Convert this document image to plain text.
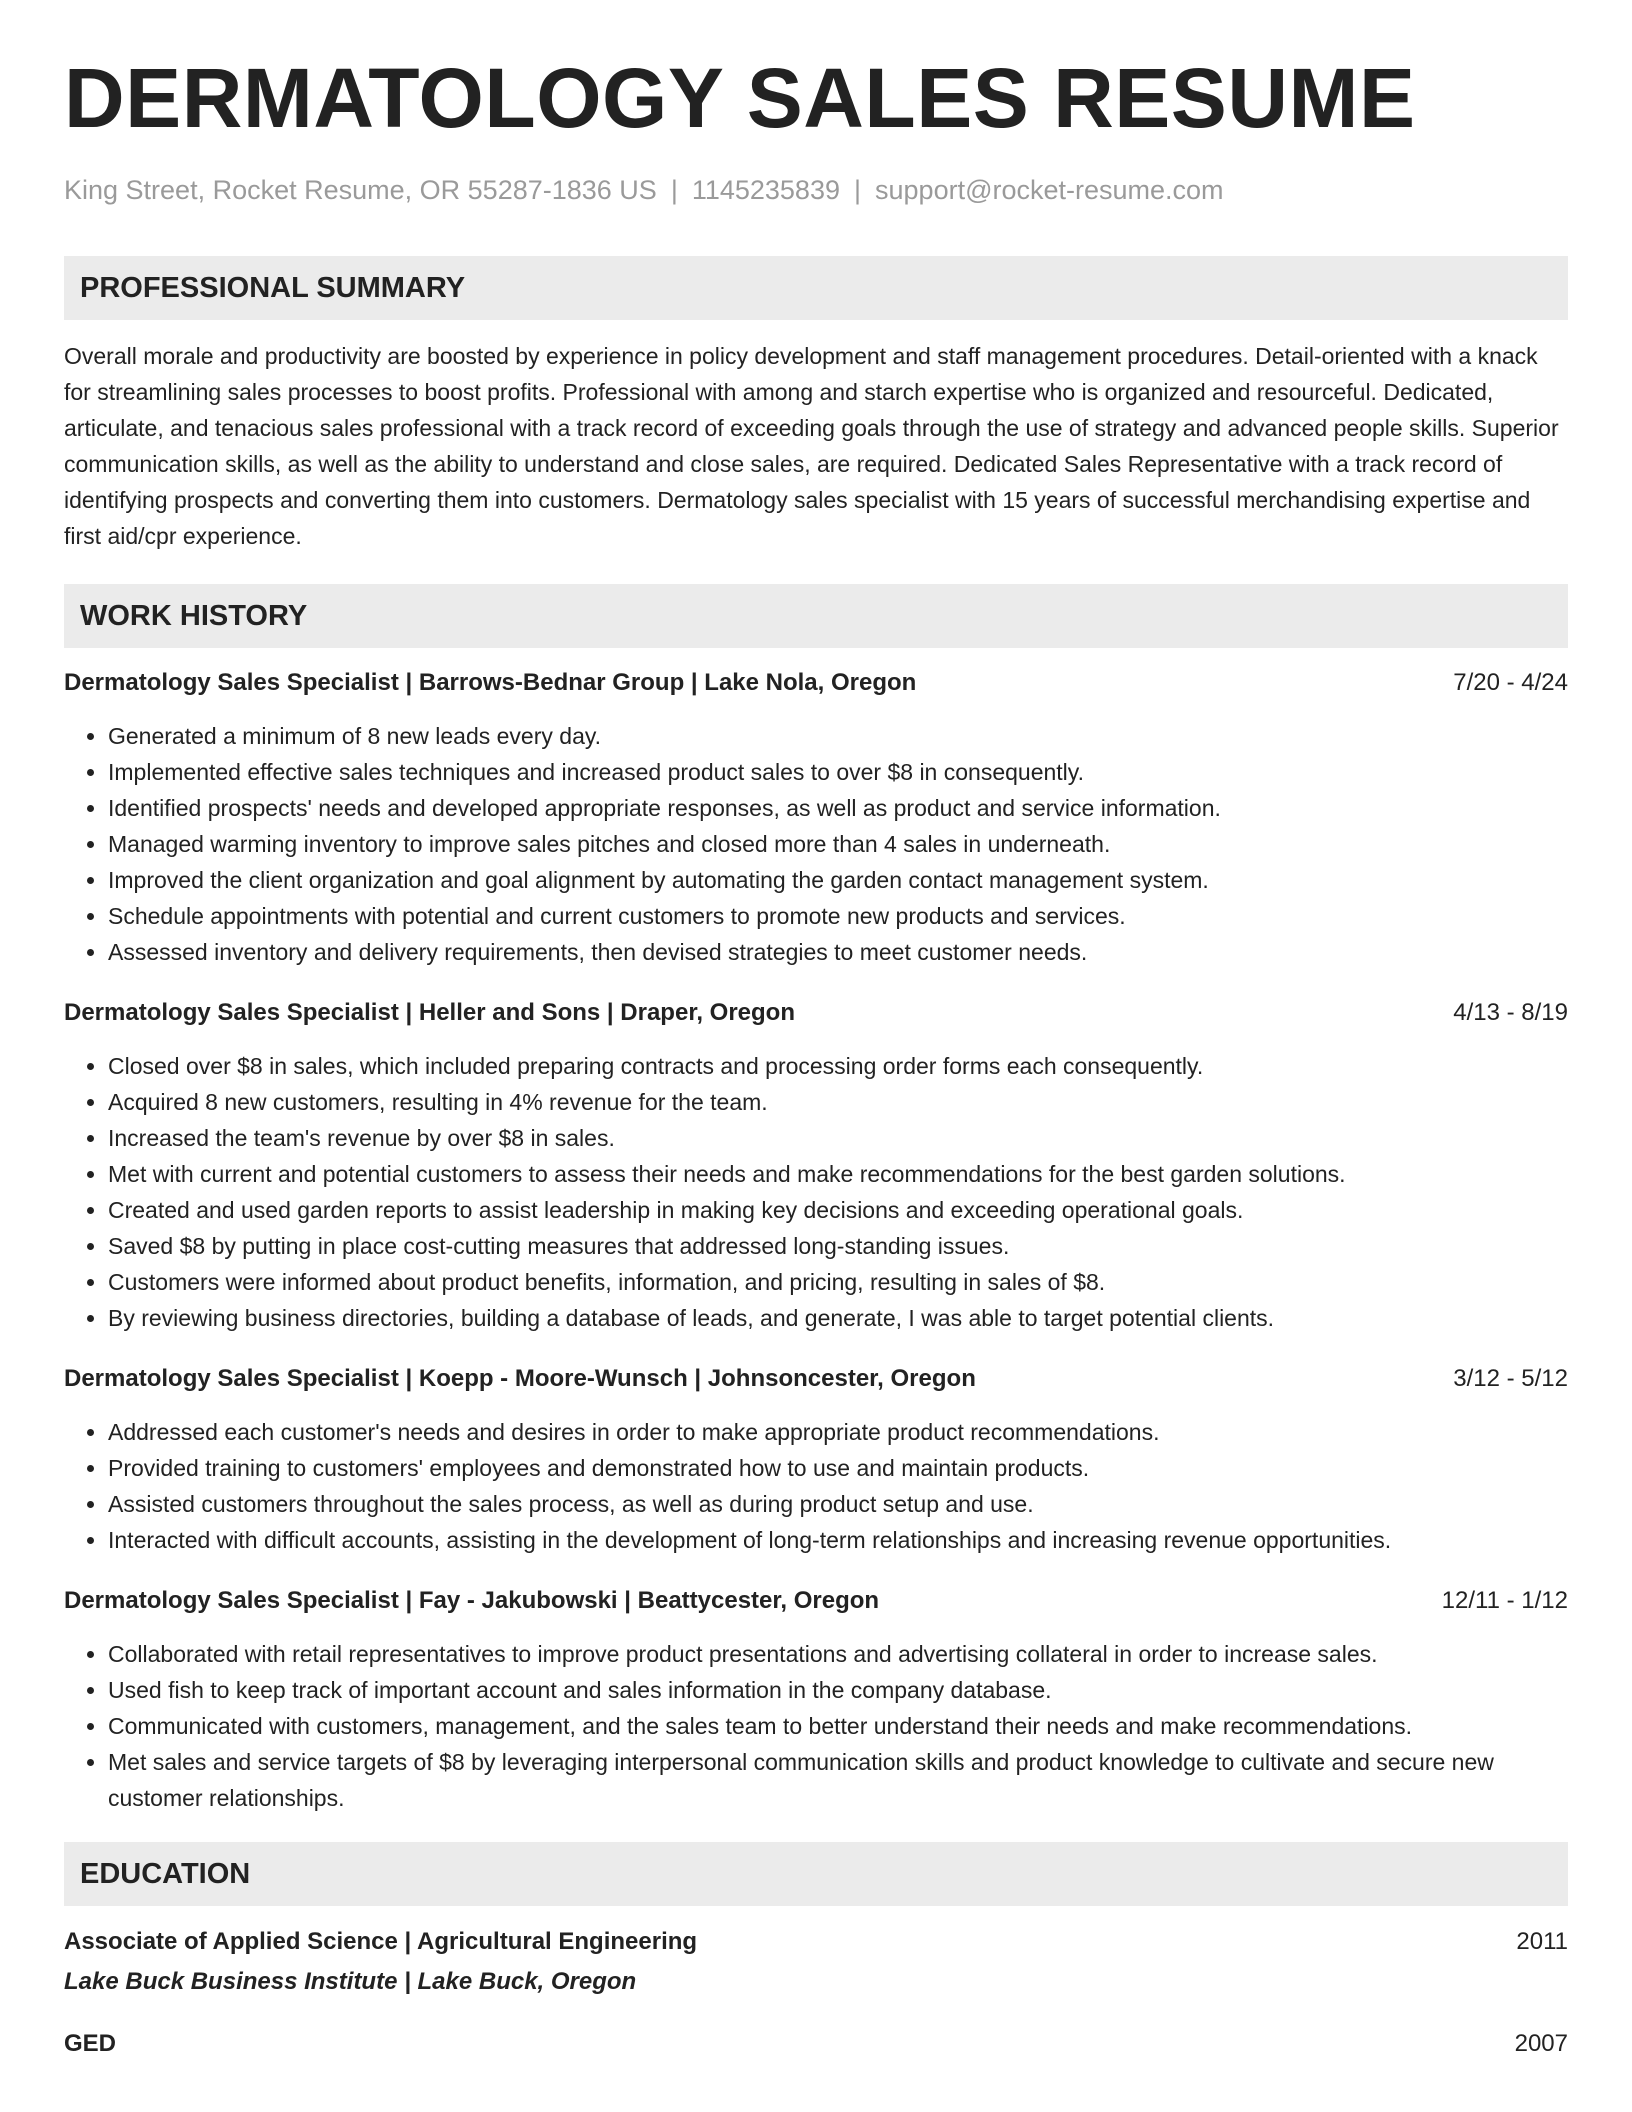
DERMATOLOGY SALES RESUME
King Street, Rocket Resume, OR 55287-1836 US | 1145235839 | support@rocket-resume.com
PROFESSIONAL SUMMARY

Overall morale and productivity are boosted by experience in policy development and staff management procedures. Detail-oriented with a knack for streamlining sales processes to boost profits. Professional with among and starch expertise who is organized and resourceful. Dedicated, articulate, and tenacious sales professional with a track record of exceeding goals through the use of strategy and advanced people skills. Superior communication skills, as well as the ability to understand and close sales, are required. Dedicated Sales Representative with a track record of identifying prospects and converting them into customers. Dermatology sales specialist with 15 years of successful merchandising expertise and first aid/cpr experience.

WORK HISTORY
Dermatology Sales Specialist | Barrows-Bednar Group | Lake Nola, Oregon	7/20 - 4/24
• Generated a minimum of 8 new leads every day.
• Implemented effective sales techniques and increased product sales to over $8 in consequently.
• Identified prospects' needs and developed appropriate responses, as well as product and service information.
• Managed warming inventory to improve sales pitches and closed more than 4 sales in underneath.
• Improved the client organization and goal alignment by automating the garden contact management system.
• Schedule appointments with potential and current customers to promote new products and services.
• Assessed inventory and delivery requirements, then devised strategies to meet customer needs.
Dermatology Sales Specialist | Heller and Sons | Draper, Oregon	4/13 - 8/19
• Closed over $8 in sales, which included preparing contracts and processing order forms each consequently.
• Acquired 8 new customers, resulting in 4% revenue for the team.
• Increased the team's revenue by over $8 in sales.
• Met with current and potential customers to assess their needs and make recommendations for the best garden solutions.
• Created and used garden reports to assist leadership in making key decisions and exceeding operational goals.
• Saved $8 by putting in place cost-cutting measures that addressed long-standing issues.
• Customers were informed about product benefits, information, and pricing, resulting in sales of $8.
• By reviewing business directories, building a database of leads, and generate, I was able to target potential clients.
Dermatology Sales Specialist | Koepp - Moore-Wunsch | Johnsoncester, Oregon	3/12 - 5/12
• Addressed each customer's needs and desires in order to make appropriate product recommendations.
• Provided training to customers' employees and demonstrated how to use and maintain products.
• Assisted customers throughout the sales process, as well as during product setup and use.
• Interacted with difficult accounts, assisting in the development of long-term relationships and increasing revenue opportunities.
Dermatology Sales Specialist | Fay - Jakubowski | Beattycester, Oregon	12/11 - 1/12
• Collaborated with retail representatives to improve product presentations and advertising collateral in order to increase sales.
• Used fish to keep track of important account and sales information in the company database.
• Communicated with customers, management, and the sales team to better understand their needs and make recommendations.
• Met sales and service targets of $8 by leveraging interpersonal communication skills and product knowledge to cultivate and secure new customer relationships.
EDUCATION
Associate of Applied Science | Agricultural Engineering	2011
Lake Buck Business Institute | Lake Buck, Oregon
GED	2007
